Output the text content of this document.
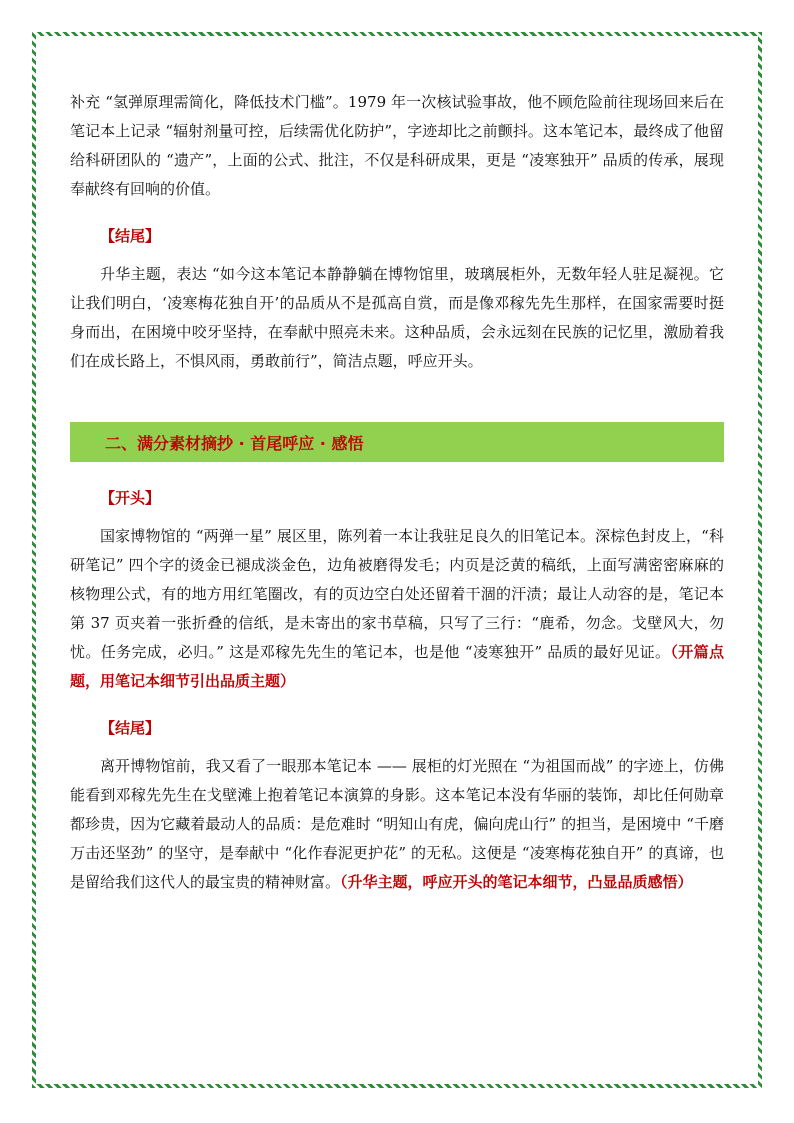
补充 “氢弹原理需简化，降低技术门槛”。1979 年一次核试验事故，他不顾危险前往现场回来后在笔记本上记录 “辐射剂量可控，后续需优化防护”，字迹却比之前颤抖。这本笔记本，最终成了他留给科研团队的 “遗产”，上面的公式、批注，不仅是科研成果，更是 “凌寒独开” 品质的传承，展现奉献终有回响的价值。

【结尾】

升华主题，表达 “如今这本笔记本静静躺在博物馆里，玻璃展柜外，无数年轻人驻足凝视。它让我们明白，‘凌寒梅花独自开’的品质从不是孤高自赏，而是像邓稼先先生那样，在国家需要时挺身而出，在困境中咬牙坚持，在奉献中照亮未来。这种品质，会永远刻在民族的记忆里，激励着我们在成长路上，不惧风雨，勇敢前行”，简洁点题，呼应开头。

二、满分素材摘抄 · 首尾呼应 · 感悟
【开头】

国家博物馆的 “两弹一星” 展区里，陈列着一本让我驻足良久的旧笔记本。深棕色封皮上，“科研笔记” 四个字的烫金已褪成淡金色，边角被磨得发毛；内页是泛黄的稿纸，上面写满密密麻麻的核物理公式，有的地方用红笔圈改，有的页边空白处还留着干涸的汗渍；最让人动容的是，笔记本第 37 页夹着一张折叠的信纸，是未寄出的家书草稿，只写了三行：“鹿希，勿念。戈壁风大，勿忧。任务完成，必归。” 这是邓稼先先生的笔记本，也是他 “凌寒独开” 品质的最好见证。（开篇点题，用笔记本细节引出品质主题）

【结尾】

离开博物馆前，我又看了一眼那本笔记本 —— 展柜的灯光照在 “为祖国而战” 的字迹上，仿佛能看到邓稼先先生在戈壁滩上抱着笔记本演算的身影。这本笔记本没有华丽的装饰，却比任何勋章都珍贵，因为它藏着最动人的品质：是危难时 “明知山有虎，偏向虎山行” 的担当，是困境中 “千磨万击还坚劲” 的坚守，是奉献中 “化作春泥更护花” 的无私。这便是 “凌寒梅花独自开” 的真谛，也是留给我们这代人的最宝贵的精神财富。（升华主题，呼应开头的笔记本细节，凸显品质感悟）
